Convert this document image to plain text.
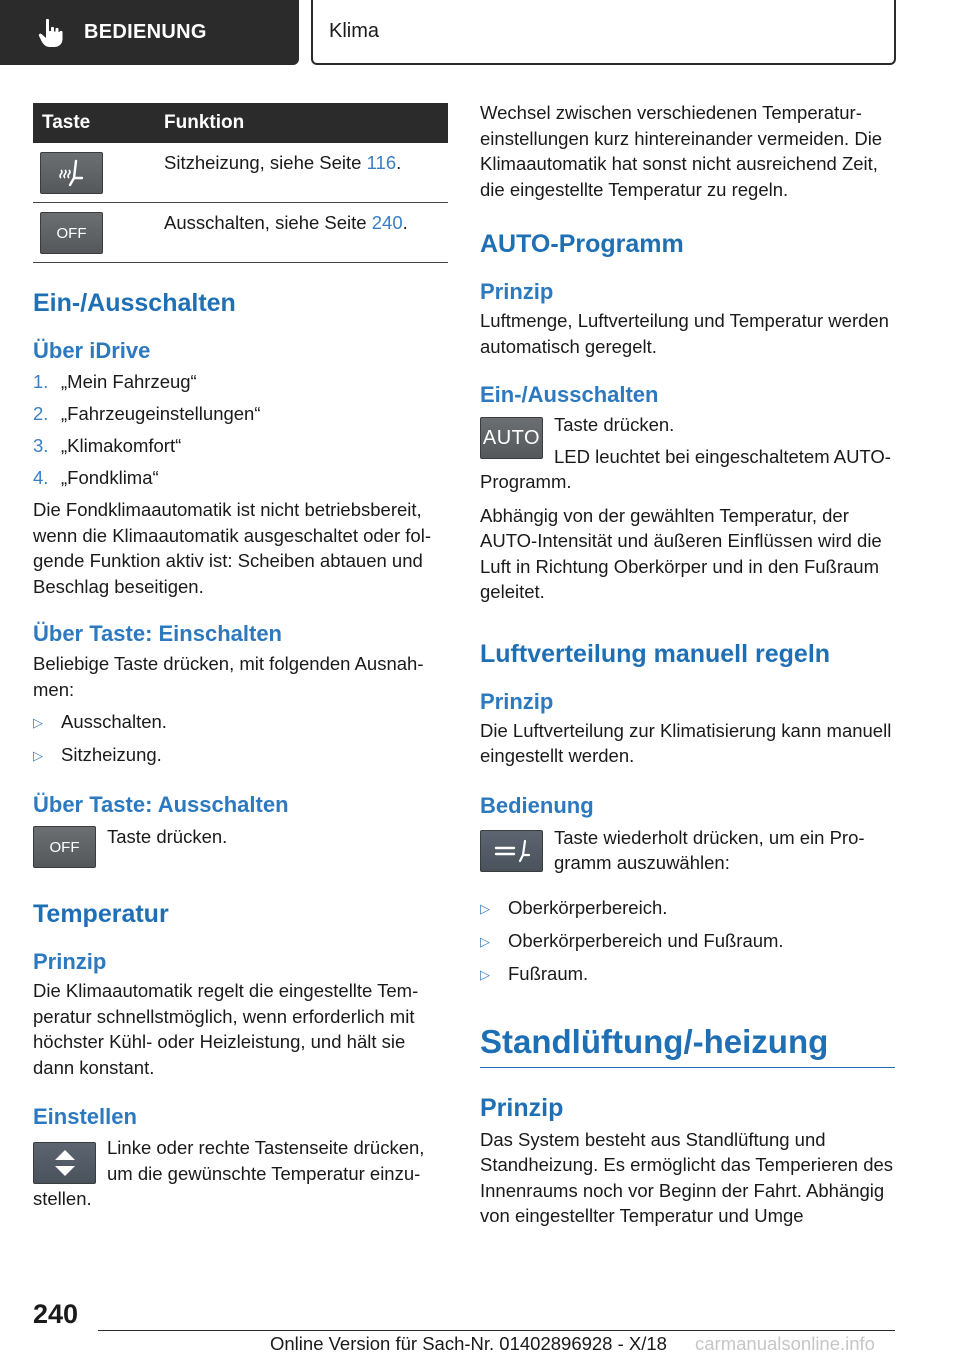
BEDIENUNG	Klima
Taste	Funktion
Sitzheizung, siehe Seite 116.
OFF	Ausschalten, siehe Seite 240.
Ein-/Ausschalten
Über iDrive
1. „Mein Fahrzeug“
2. „Fahrzeugeinstellungen“
3. „Klimakomfort“
4. „Fondklima“
Die Fondklimaautomatik ist nicht betriebsbereit, wenn die Klimaautomatik ausgeschaltet oder folgende Funktion aktiv ist: Scheiben abtauen und Beschlag beseitigen.
Über Taste: Einschalten
Beliebige Taste drücken, mit folgenden Ausnahmen:
▷ Ausschalten.
▷ Sitzheizung.
Über Taste: Ausschalten
OFF	Taste drücken.
Temperatur
Prinzip
Die Klimaautomatik regelt die eingestellte Temperatur schnellstmöglich, wenn erforderlich mit höchster Kühl- oder Heizleistung, und hält sie dann konstant.
Einstellen
Linke oder rechte Tastenseite drücken, um die gewünschte Temperatur einzustellen.
Wechsel zwischen verschiedenen Temperatureinstellungen kurz hintereinander vermeiden. Die Klimaautomatik hat sonst nicht ausreichend Zeit, die eingestellte Temperatur zu regeln.
AUTO-Programm
Prinzip
Luftmenge, Luftverteilung und Temperatur werden automatisch geregelt.
Ein-/Ausschalten
AUTO
Taste drücken.
LED leuchtet bei eingeschaltetem AUTO-Programm.
Abhängig von der gewählten Temperatur, der AUTO-Intensität und äußeren Einflüssen wird die Luft in Richtung Oberkörper und in den Fußraum geleitet.
Luftverteilung manuell regeln
Prinzip
Die Luftverteilung zur Klimatisierung kann manuell eingestellt werden.
Bedienung
Taste wiederholt drücken, um ein Programm auszuwählen:
▷ Oberkörperbereich.
▷ Oberkörperbereich und Fußraum.
▷ Fußraum.
Standlüftung/-heizung
Prinzip
Das System besteht aus Standlüftung und Standheizung. Es ermöglicht das Temperieren des Innenraums noch vor Beginn der Fahrt. Abhängig von eingestellter Temperatur und Umge
240
Online Version für Sach-Nr. 01402896928 - X/18 carmanualsonline.info
